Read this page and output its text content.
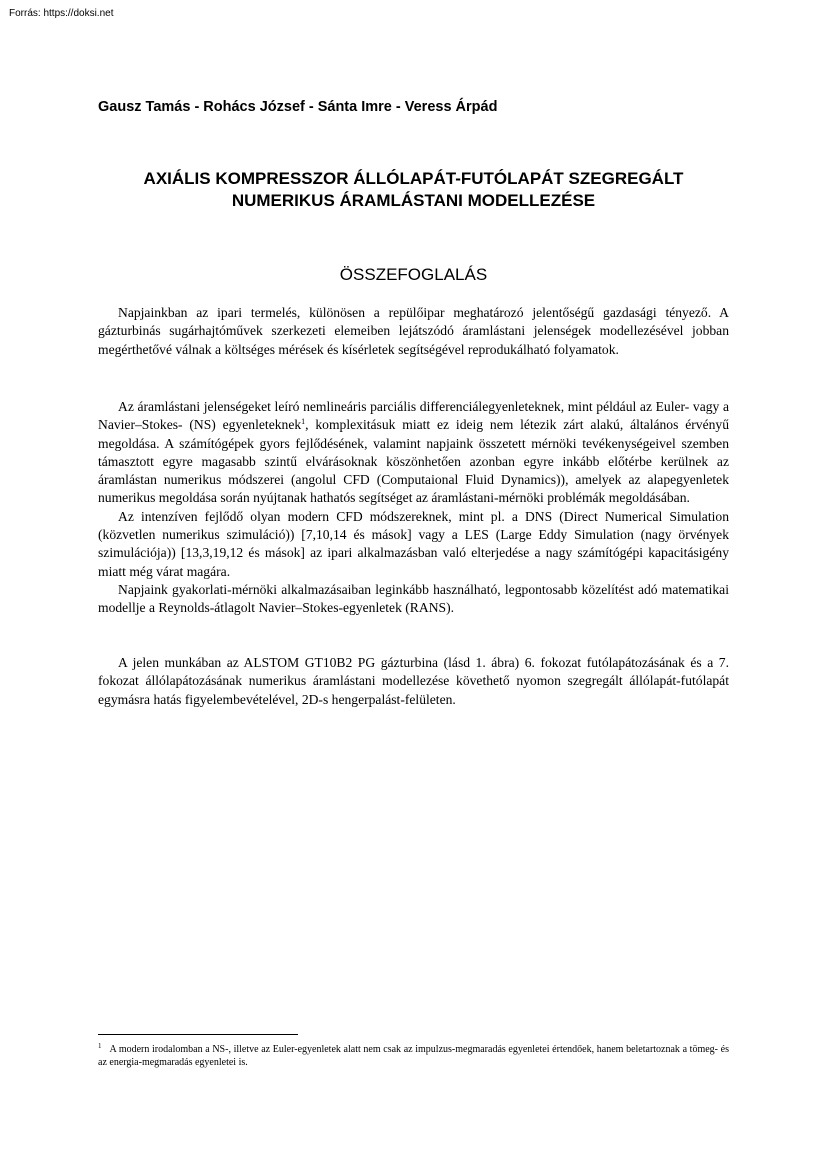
Forrás: https://doksi.net
Gausz Tamás - Rohács József - Sánta Imre - Veress Árpád
AXIÁLIS KOMPRESSZOR ÁLLÓLAPÁT-FUTÓLAPÁT SZEGREGÁLT
NUMERIKUS ÁRAMLÁSTANI MODELLEZÉSE
ÖSSZEFOGLALÁS

Napjainkban az ipari termelés, különösen a repülőipar meghatározó jelentőségű gazdasági tényező. A gázturbinás sugárhajtóművek szerkezeti elemeiben lejátszódó áramlástani jelenségek modellezésével jobban megérthetővé válnak a költséges mérések és kísérletek segítségével reprodukálható folyamatok.

Az áramlástani jelenségeket leíró nemlineáris parciális differenciálegyenleteknek, mint például az Euler- vagy a Navier–Stokes- (NS) egyenleteknek$^1$, komplexitásuk miatt ez ideig nem létezik zárt alakú, általános érvényű megoldása. A számítógépek gyors fejlődésének, valamint napjaink összetett mérnöki tevékenységeivel szemben támasztott egyre magasabb szintű elvárásoknak köszönhetően azonban egyre inkább előtérbe kerülnek az áramlástan numerikus módszerei (angolul CFD (Computaional Fluid Dynamics)), amelyek az alapegyenletek numerikus megoldása során nyújtanak hathatós segítséget az áramlástani-mérnöki problémák megoldásában.

Az intenzíven fejlődő olyan modern CFD módszereknek, mint pl. a DNS (Direct Numerical Simulation (közvetlen numerikus szimuláció)) [7,10,14 és mások] vagy a LES (Large Eddy Simulation (nagy örvények szimulációja)) [13,3,19,12 és mások] az ipari alkalmazásban való elterjedése a nagy számítógépi kapacitásigény miatt még várat magára.

Napjaink gyakorlati-mérnöki alkalmazásaiban leginkább használható, legpontosabb közelítést adó matematikai modellje a Reynolds-átlagolt Navier–Stokes-egyenletek (RANS).

A jelen munkában az ALSTOM GT10B2 PG gázturbina (lásd 1. ábra) 6. fokozat futólapátozásának és a 7. fokozat állólapátozásának numerikus áramlástani modellezése követhető nyomon szegregált állólapát-futólapát egymásra hatás figyelembevételével, 2D-s hengerpalást-felületen.

$^1$ A modern irodalomban a NS-, illetve az Euler-egyenletek alatt nem csak az impulzus-megmaradás egyenletei értendőek, hanem beletartoznak a tömeg- és az energia-megmaradás egyenletei is.
